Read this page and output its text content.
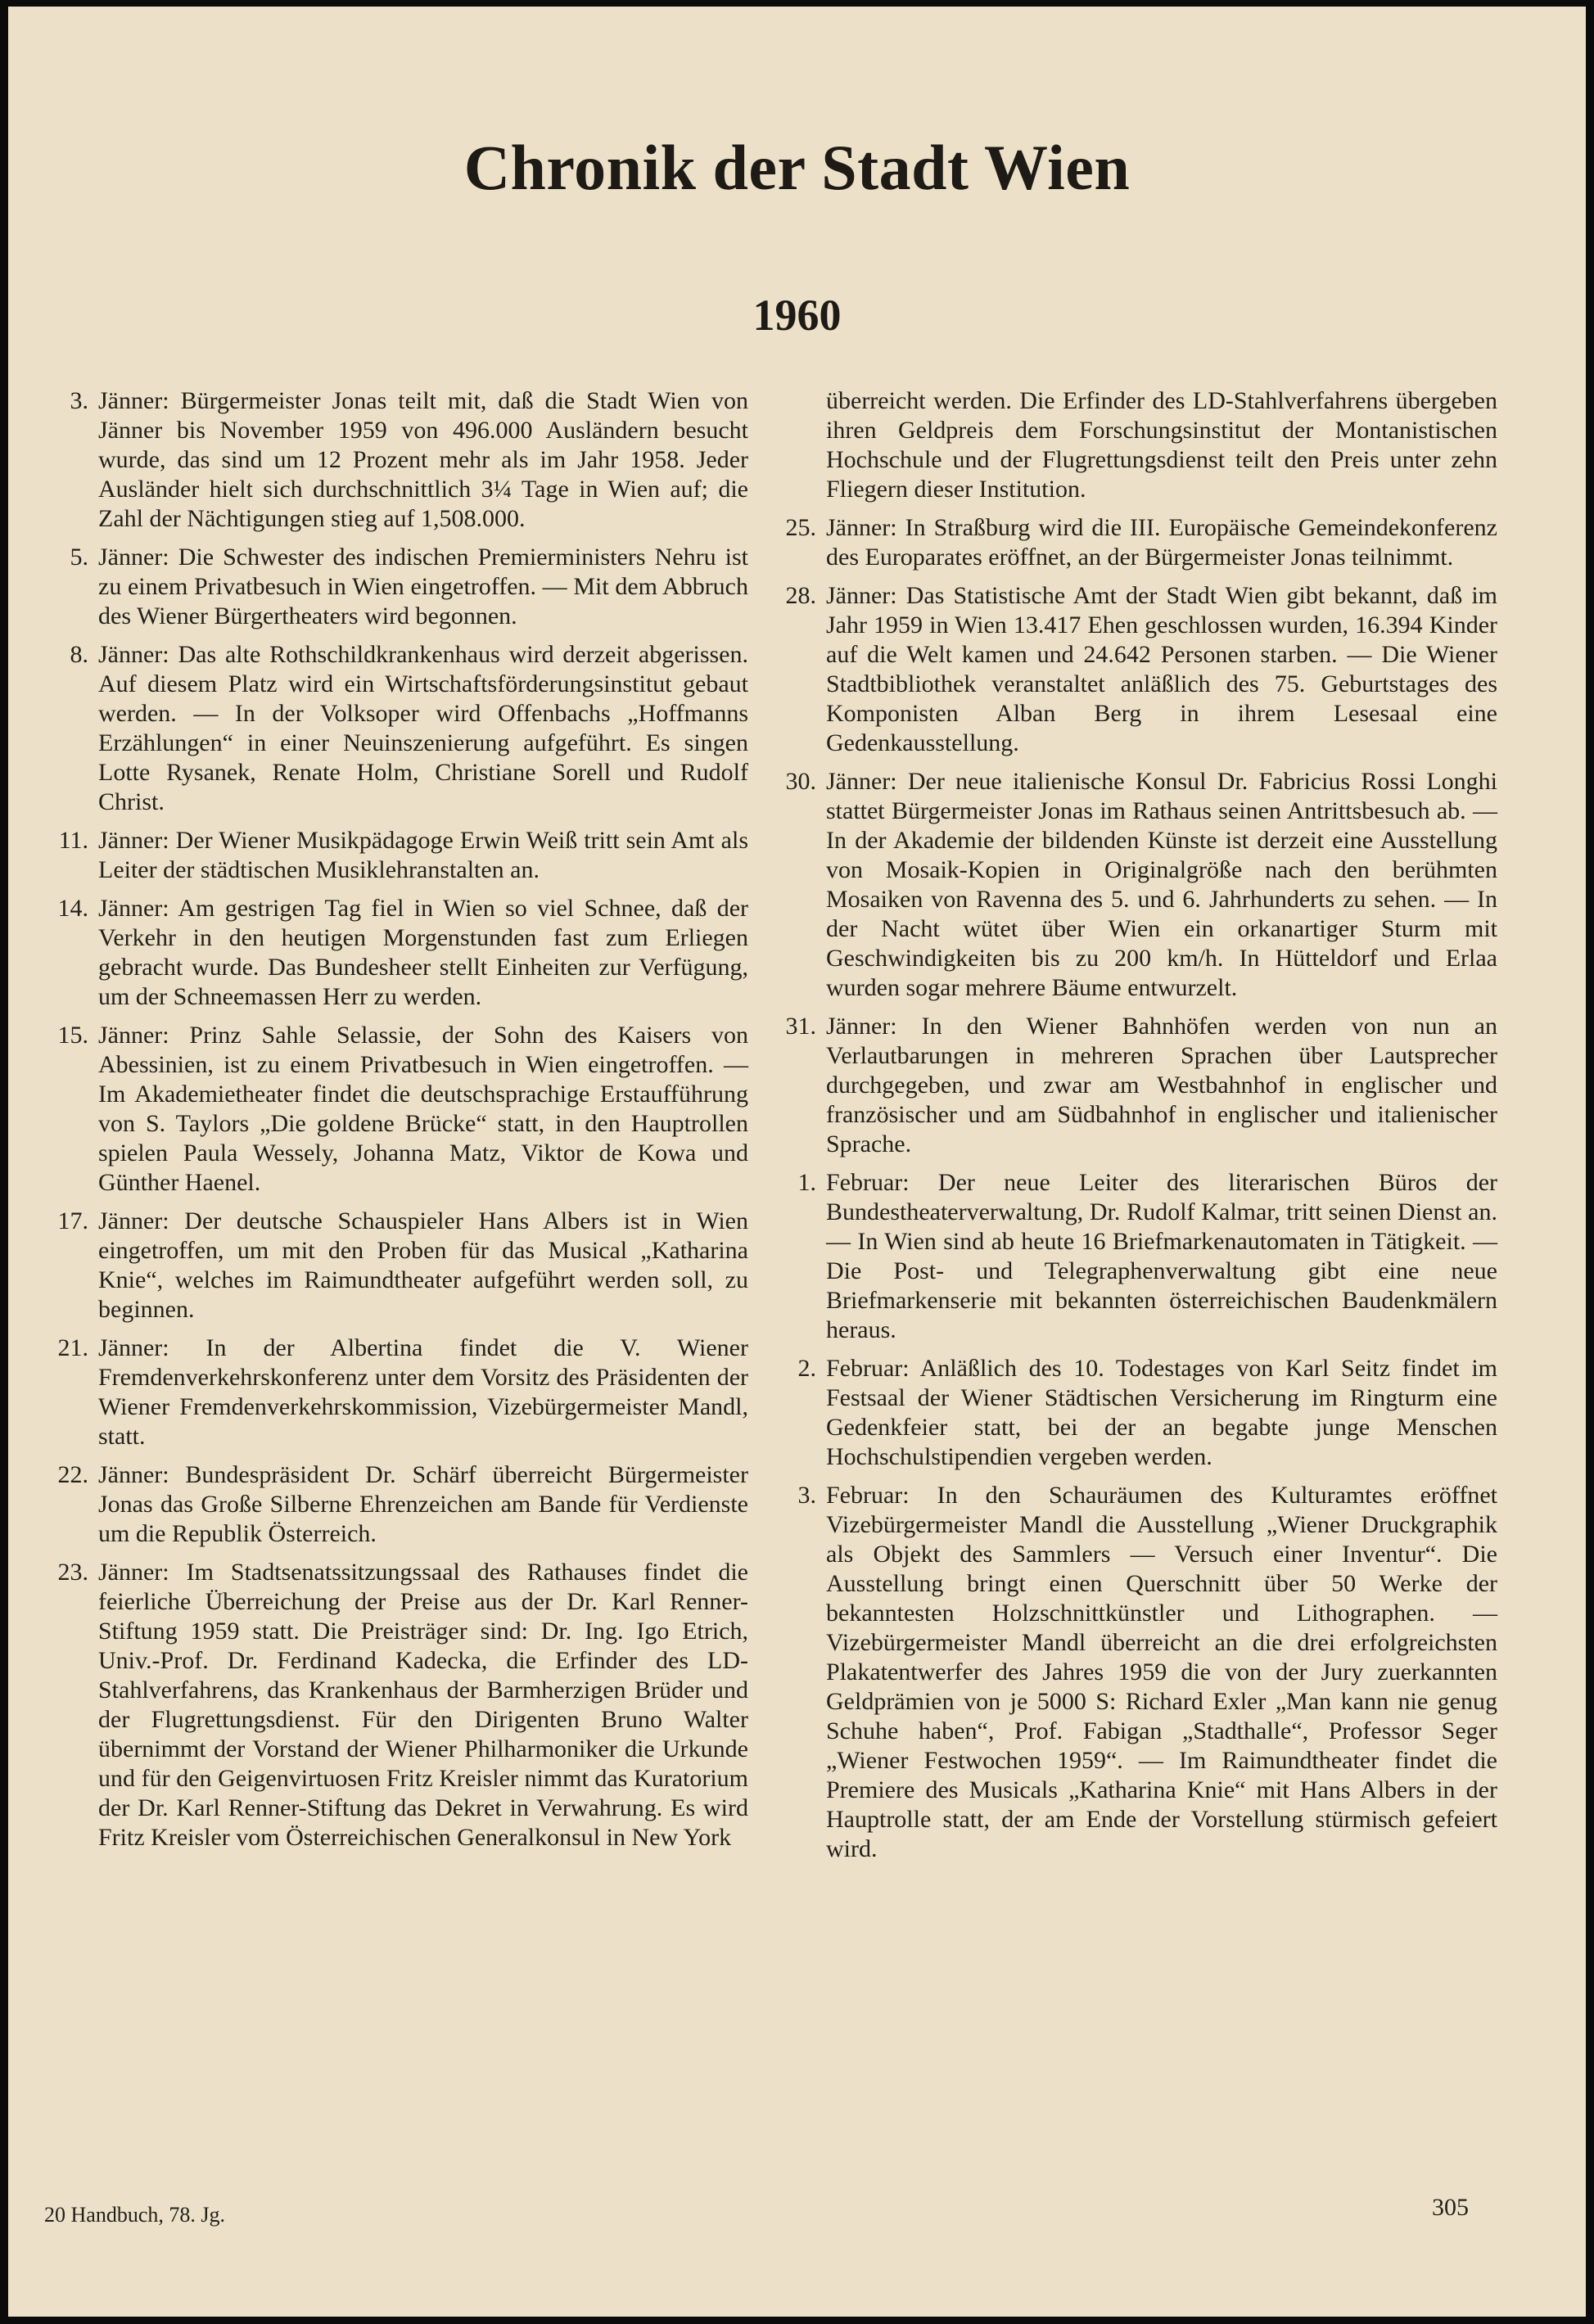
Chronik der Stadt Wien
1960
3. Jänner: Bürgermeister Jonas teilt mit, daß die Stadt Wien von Jänner bis November 1959 von 496.000 Ausländern besucht wurde, das sind um 12 Prozent mehr als im Jahr 1958. Jeder Ausländer hielt sich durchschnittlich 3¼ Tage in Wien auf; die Zahl der Nächtigungen stieg auf 1,508.000.
5. Jänner: Die Schwester des indischen Premierministers Nehru ist zu einem Privatbesuch in Wien eingetroffen. — Mit dem Abbruch des Wiener Bürgertheaters wird begonnen.
8. Jänner: Das alte Rothschildkrankenhaus wird derzeit abgerissen. Auf diesem Platz wird ein Wirtschaftsförderungsinstitut gebaut werden. — In der Volksoper wird Offenbachs „Hoffmanns Erzählungen“ in einer Neuinszenierung aufgeführt. Es singen Lotte Rysanek, Renate Holm, Christiane Sorell und Rudolf Christ.
11. Jänner: Der Wiener Musikpädagoge Erwin Weiß tritt sein Amt als Leiter der städtischen Musiklehranstalten an.
14. Jänner: Am gestrigen Tag fiel in Wien so viel Schnee, daß der Verkehr in den heutigen Morgenstunden fast zum Erliegen gebracht wurde. Das Bundesheer stellt Einheiten zur Verfügung, um der Schneemassen Herr zu werden.
15. Jänner: Prinz Sahle Selassie, der Sohn des Kaisers von Abessinien, ist zu einem Privatbesuch in Wien eingetroffen. — Im Akademietheater findet die deutschsprachige Erstaufführung von S. Taylors „Die goldene Brücke“ statt, in den Hauptrollen spielen Paula Wessely, Johanna Matz, Viktor de Kowa und Günther Haenel.
17. Jänner: Der deutsche Schauspieler Hans Albers ist in Wien eingetroffen, um mit den Proben für das Musical „Katharina Knie“, welches im Raimundtheater aufgeführt werden soll, zu beginnen.
21. Jänner: In der Albertina findet die V. Wiener Fremdenverkehrskonferenz unter dem Vorsitz des Präsidenten der Wiener Fremdenverkehrskommission, Vizebürgermeister Mandl, statt.
22. Jänner: Bundespräsident Dr. Schärf überreicht Bürgermeister Jonas das Große Silberne Ehrenzeichen am Bande für Verdienste um die Republik Österreich.
23. Jänner: Im Stadtsenatssitzungssaal des Rathauses findet die feierliche Überreichung der Preise aus der Dr. Karl Renner-Stiftung 1959 statt. Die Preisträger sind: Dr. Ing. Igo Etrich, Univ.-Prof. Dr. Ferdinand Kadecka, die Erfinder des LD-Stahlverfahrens, das Krankenhaus der Barmherzigen Brüder und der Flugrettungsdienst. Für den Dirigenten Bruno Walter übernimmt der Vorstand der Wiener Philharmoniker die Urkunde und für den Geigenvirtuosen Fritz Kreisler nimmt das Kuratorium der Dr. Karl Renner-Stiftung das Dekret in Verwahrung. Es wird Fritz Kreisler vom Österreichischen Generalkonsul in New York
überreicht werden. Die Erfinder des LD-Stahlverfahrens übergeben ihren Geldpreis dem Forschungsinstitut der Montanistischen Hochschule und der Flugrettungsdienst teilt den Preis unter zehn Fliegern dieser Institution.
25. Jänner: In Straßburg wird die III. Europäische Gemeindekonferenz des Europarates eröffnet, an der Bürgermeister Jonas teilnimmt.
28. Jänner: Das Statistische Amt der Stadt Wien gibt bekannt, daß im Jahr 1959 in Wien 13.417 Ehen geschlossen wurden, 16.394 Kinder auf die Welt kamen und 24.642 Personen starben. — Die Wiener Stadtbibliothek veranstaltet anläßlich des 75. Geburtstages des Komponisten Alban Berg in ihrem Lesesaal eine Gedenkausstellung.
30. Jänner: Der neue italienische Konsul Dr. Fabricius Rossi Longhi stattet Bürgermeister Jonas im Rathaus seinen Antrittsbesuch ab. — In der Akademie der bildenden Künste ist derzeit eine Ausstellung von Mosaik-Kopien in Originalgröße nach den berühmten Mosaiken von Ravenna des 5. und 6. Jahrhunderts zu sehen. — In der Nacht wütet über Wien ein orkanartiger Sturm mit Geschwindigkeiten bis zu 200 km/h. In Hütteldorf und Erlaa wurden sogar mehrere Bäume entwurzelt.
31. Jänner: In den Wiener Bahnhöfen werden von nun an Verlautbarungen in mehreren Sprachen über Lautsprecher durchgegeben, und zwar am Westbahnhof in englischer und französischer und am Südbahnhof in englischer und italienischer Sprache.
1. Februar: Der neue Leiter des literarischen Büros der Bundestheaterverwaltung, Dr. Rudolf Kalmar, tritt seinen Dienst an. — In Wien sind ab heute 16 Briefmarkenautomaten in Tätigkeit. — Die Post- und Telegraphenverwaltung gibt eine neue Briefmarkenserie mit bekannten österreichischen Baudenkmälern heraus.
2. Februar: Anläßlich des 10. Todestages von Karl Seitz findet im Festsaal der Wiener Städtischen Versicherung im Ringturm eine Gedenkfeier statt, bei der an begabte junge Menschen Hochschulstipendien vergeben werden.
3. Februar: In den Schauräumen des Kulturamtes eröffnet Vizebürgermeister Mandl die Ausstellung „Wiener Druckgraphik als Objekt des Sammlers — Versuch einer Inventur“. Die Ausstellung bringt einen Querschnitt über 50 Werke der bekanntesten Holzschnittkünstler und Lithographen. — Vizebürgermeister Mandl überreicht an die drei erfolgreichsten Plakatentwerfer des Jahres 1959 die von der Jury zuerkannten Geldprämien von je 5000 S: Richard Exler „Man kann nie genug Schuhe haben“, Prof. Fabigan „Stadthalle“, Professor Seger „Wiener Festwochen 1959“. — Im Raimundtheater findet die Premiere des Musicals „Katharina Knie“ mit Hans Albers in der Hauptrolle statt, der am Ende der Vorstellung stürmisch gefeiert wird.
20 Handbuch, 78. Jg.	305
